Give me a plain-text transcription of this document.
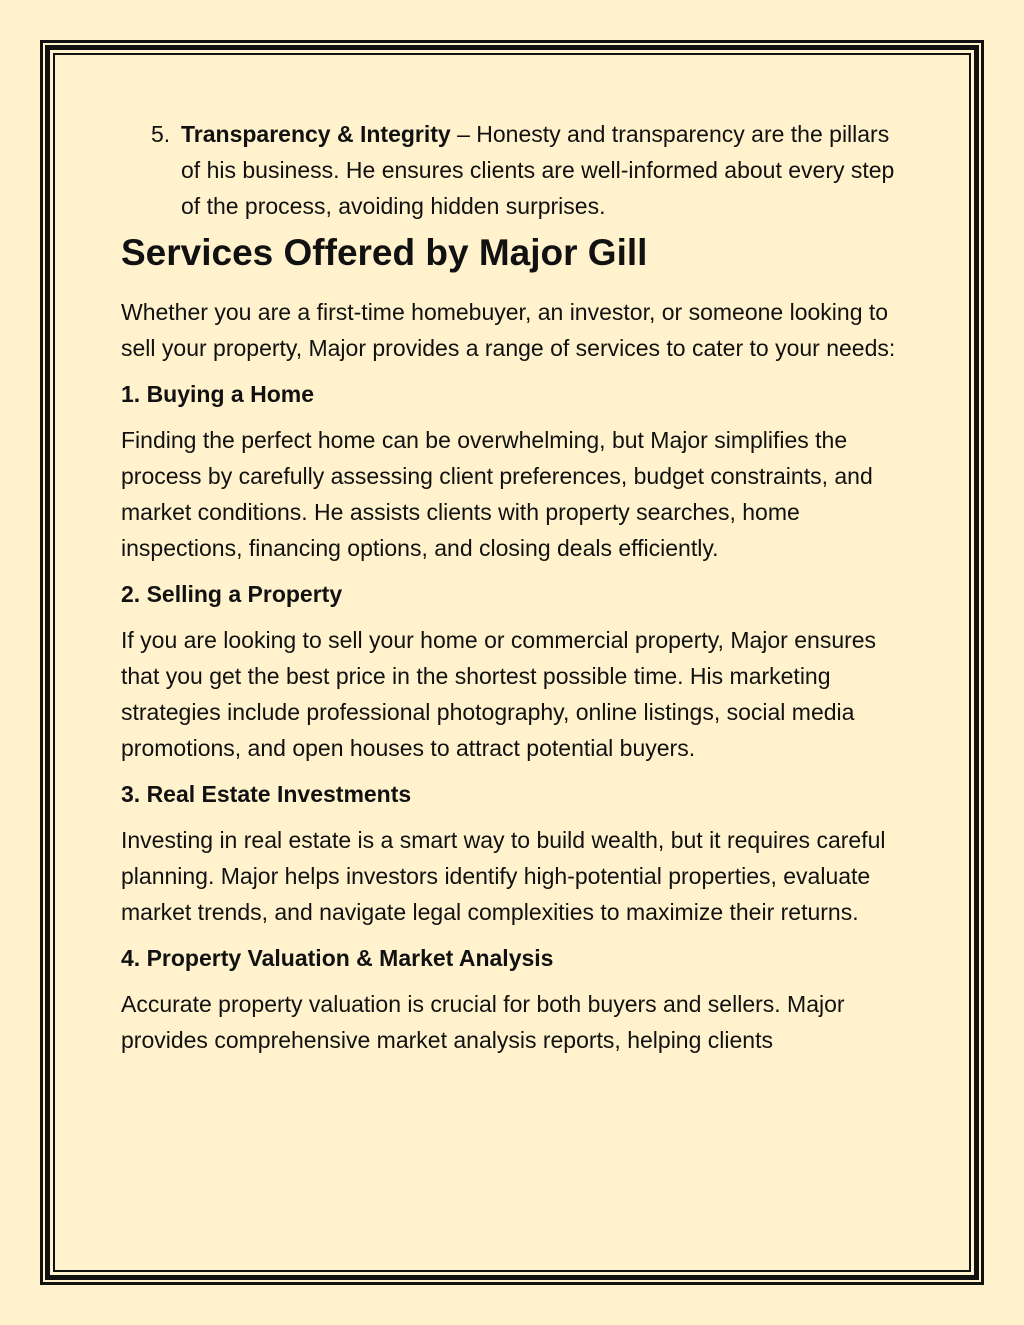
5. Transparency & Integrity – Honesty and transparency are the pillars of his business. He ensures clients are well-informed about every step of the process, avoiding hidden surprises.
Services Offered by Major Gill

Whether you are a first-time homebuyer, an investor, or someone looking to sell your property, Major provides a range of services to cater to your needs:

1. Buying a Home

Finding the perfect home can be overwhelming, but Major simplifies the process by carefully assessing client preferences, budget constraints, and market conditions. He assists clients with property searches, home inspections, financing options, and closing deals efficiently.

2. Selling a Property

If you are looking to sell your home or commercial property, Major ensures that you get the best price in the shortest possible time. His marketing strategies include professional photography, online listings, social media promotions, and open houses to attract potential buyers.

3. Real Estate Investments

Investing in real estate is a smart way to build wealth, but it requires careful planning. Major helps investors identify high-potential properties, evaluate market trends, and navigate legal complexities to maximize their returns.

4. Property Valuation & Market Analysis

Accurate property valuation is crucial for both buyers and sellers. Major provides comprehensive market analysis reports, helping clients
